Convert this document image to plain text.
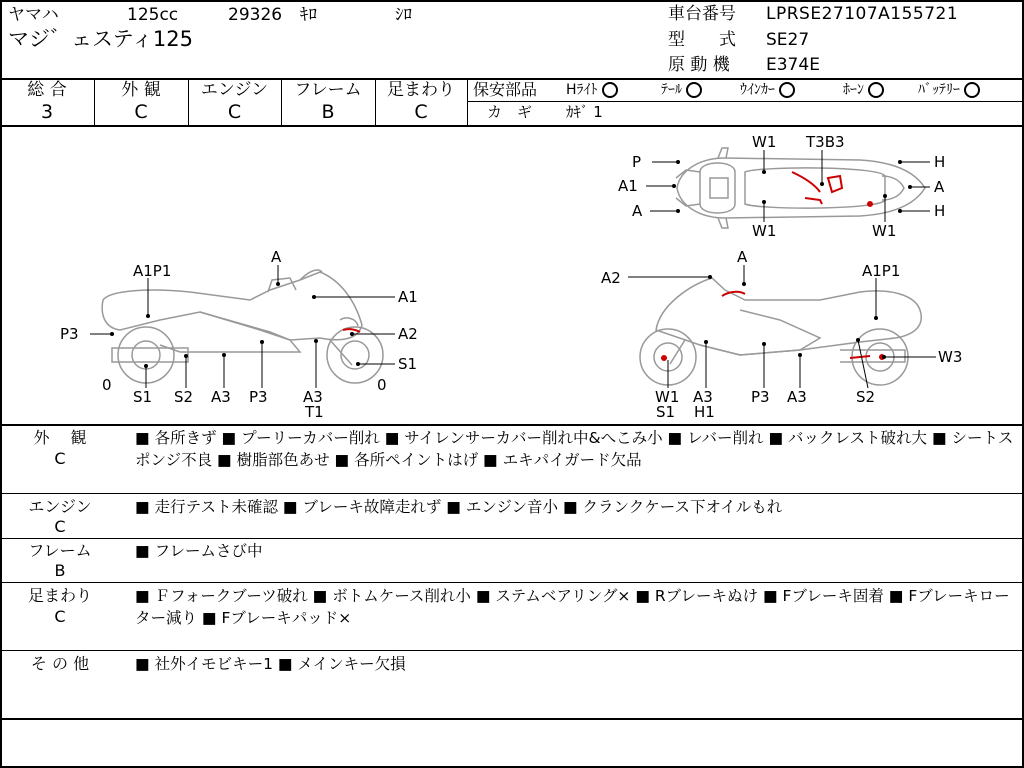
ヤマハ	125cc	29326 ｷﾛ	ｼﾛ
マジ゛ェスティ125
車台番号 LPRSE27107A155721
型　　式 SE27
原 動 機 E374E
総 合
3
外 観
C
エンジン
C
フレーム
B
足まわり
C
保安部品 Hﾗｲﾄ	ﾃｰﾙ	ｳｲﾝｶｰ	ﾎｰﾝ	ﾊﾞｯﾃﾘｰ
カ　ギ ｶｷﾞ 1
P
A1
A
W1 T3B3
H
A
H
W1	W1
A1P1
A
A1
P3	A2
S1
0	0
S1 S2 A3 P3 A3
T1
A2
A
A1P1
W3
W1
S1
A3
H1
P3 A3	S2
外　 観
C
■ 各所きず ■ プーリーカバー削れ ■ サイレンサーカバー削れ中&へこみ小 ■ レバー削れ ■ バックレスト破れ大 ■ シートスポンジ不良 ■ 樹脂部色あせ ■ 各所ペイントはげ ■ エキパイガード欠品
エンジン
C
■ 走行テスト未確認 ■ ブレーキ故障走れず ■ エンジン音小 ■ クランクケース下オイルもれ
フレーム
B
■ フレームさび中
足まわり
C
■ Ｆフォークブーツ破れ ■ ボトムケース削れ小 ■ ステムベアリング× ■ Rブレーキぬけ ■ Fブレーキ固着 ■ Fブレーキローター減り ■ Fブレーキパッド×
そ の 他	■ 社外イモビキー1 ■ メインキー欠損
